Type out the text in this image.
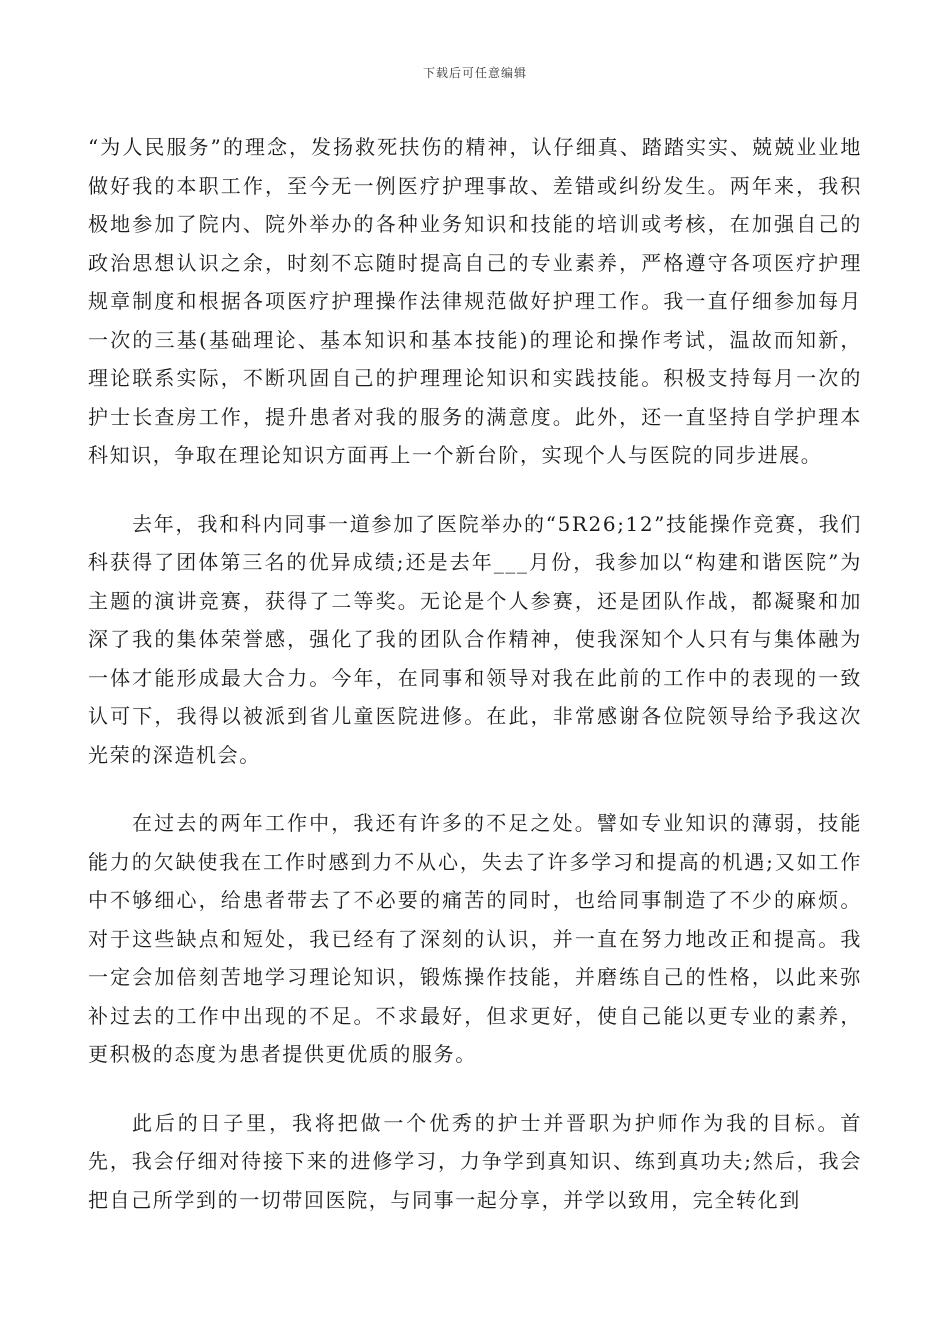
下载后可任意编辑

“为人民服务”的理念，发扬救死扶伤的精神，认仔细真、踏踏实实、兢兢业业地做好我的本职工作，至今无一例医疗护理事故、差错或纠纷发生。两年来，我积极地参加了院内、院外举办的各种业务知识和技能的培训或考核，在加强自己的政治思想认识之余，时刻不忘随时提高自己的专业素养，严格遵守各项医疗护理规章制度和根据各项医疗护理操作法律规范做好护理工作。我一直仔细参加每月一次的三基(基础理论、基本知识和基本技能)的理论和操作考试，温故而知新，理论联系实际，不断巩固自己的护理理论知识和实践技能。积极支持每月一次的护士长查房工作，提升患者对我的服务的满意度。此外，还一直坚持自学护理本科知识，争取在理论知识方面再上一个新台阶，实现个人与医院的同步进展。

去年，我和科内同事一道参加了医院举办的“5R26;12”技能操作竞赛，我们科获得了团体第三名的优异成绩;还是去年___月份，我参加以“构建和谐医院”为主题的演讲竞赛，获得了二等奖。无论是个人参赛，还是团队作战，都凝聚和加深了我的集体荣誉感，强化了我的团队合作精神，使我深知个人只有与集体融为一体才能形成最大合力。今年，在同事和领导对我在此前的工作中的表现的一致认可下，我得以被派到省儿童医院进修。在此，非常感谢各位院领导给予我这次光荣的深造机会。

在过去的两年工作中，我还有许多的不足之处。譬如专业知识的薄弱，技能能力的欠缺使我在工作时感到力不从心，失去了许多学习和提高的机遇;又如工作中不够细心，给患者带去了不必要的痛苦的同时，也给同事制造了不少的麻烦。对于这些缺点和短处，我已经有了深刻的认识，并一直在努力地改正和提高。我一定会加倍刻苦地学习理论知识，锻炼操作技能，并磨练自己的性格，以此来弥补过去的工作中出现的不足。不求最好，但求更好，使自己能以更专业的素养，更积极的态度为患者提供更优质的服务。

此后的日子里，我将把做一个优秀的护士并晋职为护师作为我的目标。首先，我会仔细对待接下来的进修学习，力争学到真知识、练到真功夫;然后，我会把自己所学到的一切带回医院，与同事一起分享，并学以致用，完全转化到
